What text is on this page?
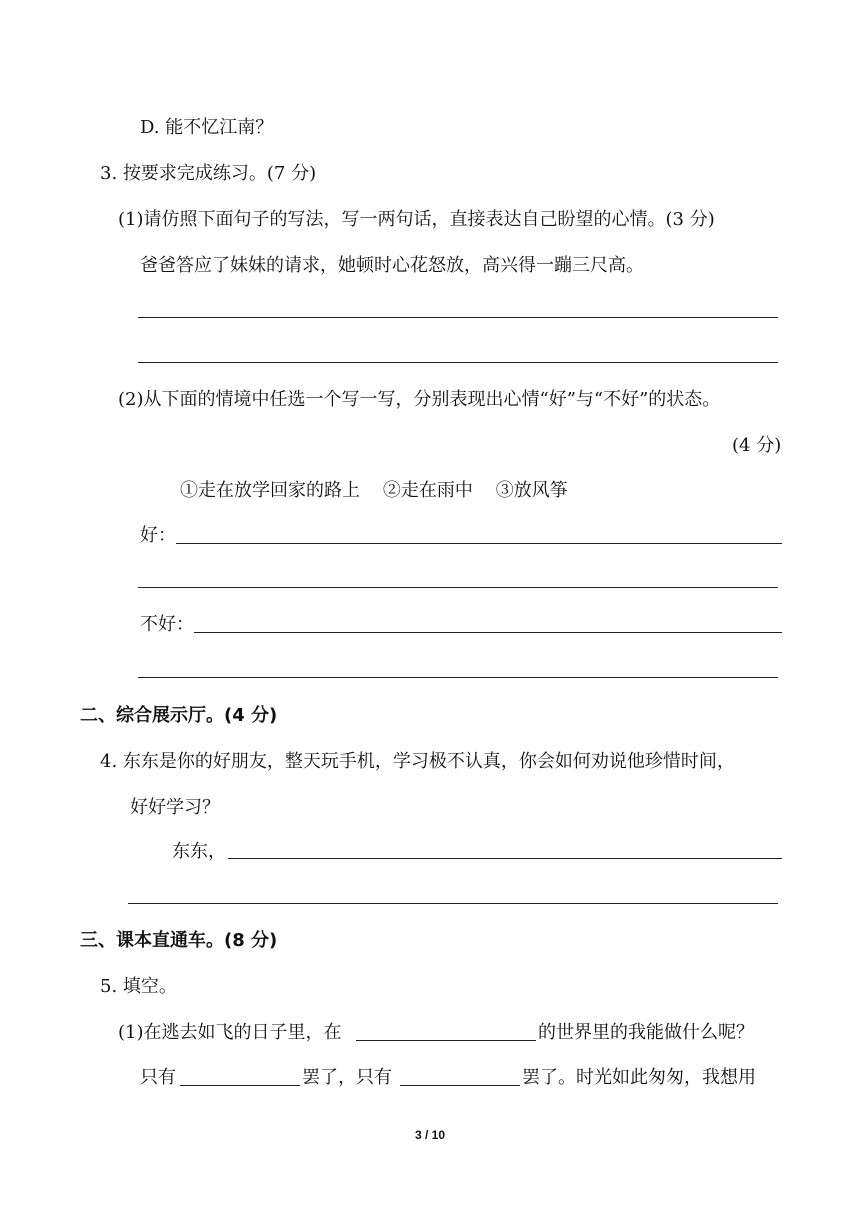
D. 能不忆江南？
3. 按要求完成练习。(7 分)
(1)请仿照下面句子的写法，写一两句话，直接表达自己盼望的心情。(3 分)
爸爸答应了妹妹的请求，她顿时心花怒放，高兴得一蹦三尺高。
(2)从下面的情境中任选一个写一写，分别表现出心情“好”与“不好”的状态。
(4 分)
①走在放学回家的路上    ②走在雨中    ③放风筝
好：
不好：
二、综合展示厅。(4 分)
4. 东东是你的好朋友，整天玩手机，学习极不认真，你会如何劝说他珍惜时间，
好好学习？
东东，
三、课本直通车。(8 分)
5. 填空。
(1)在逃去如飞的日子里，在	的世界里的我能做什么呢？
只有	罢了，只有	罢了。时光如此匆匆，我想用
3 / 10
